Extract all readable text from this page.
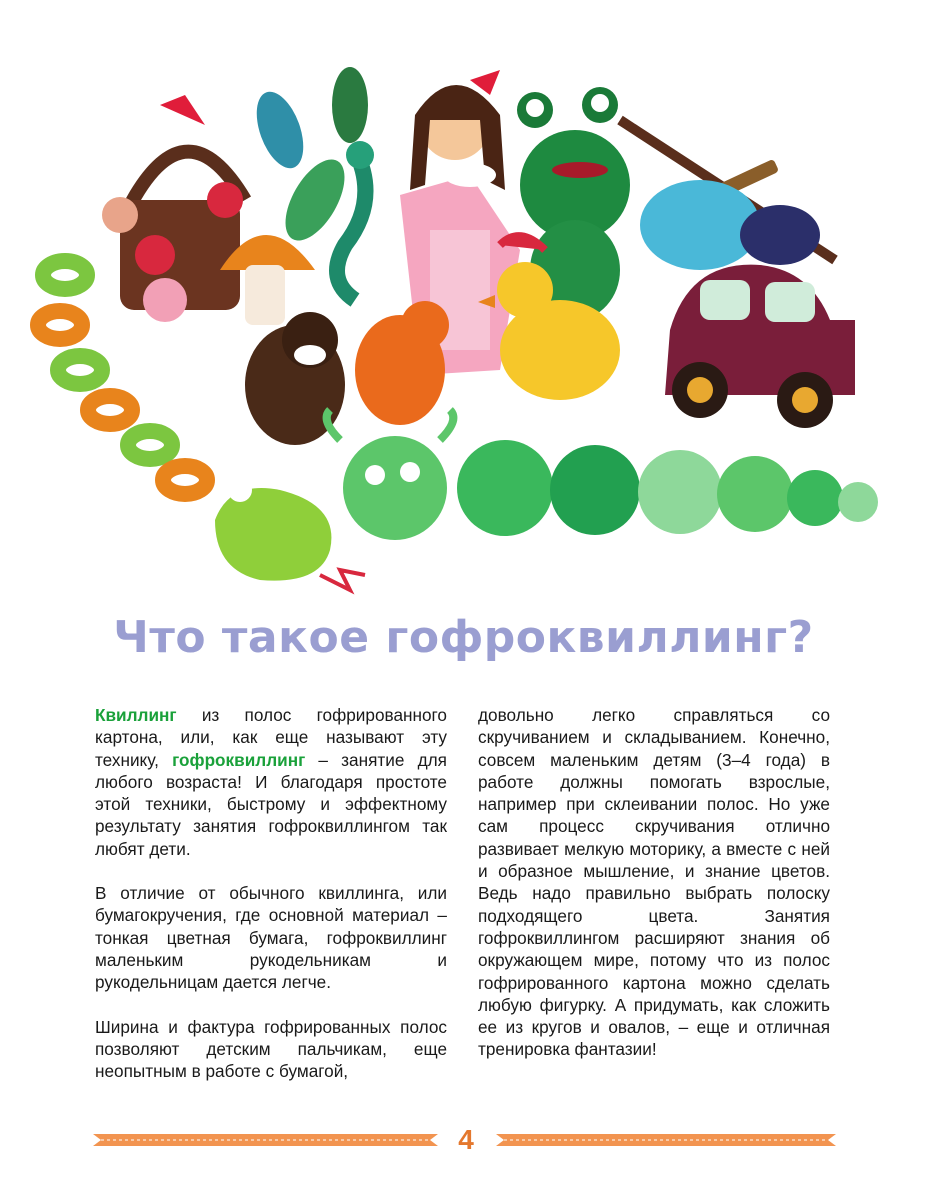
Что такое гофроквиллинг?

Квиллинг из полос гофрированного картона, или, как еще называют эту технику, гофроквиллинг – занятие для любого возраста! И благодаря простоте этой техники, быстрому и эффектному результату занятия гофроквиллингом так любят дети.

В отличие от обычного квиллинга, или бумагокручения, где основной материал – тонкая цветная бумага, гофроквиллинг маленьким рукодельникам и рукодельницам дается легче.

Ширина и фактура гофрированных полос позволяют детским пальчикам, еще неопытным в работе с бумагой,

довольно легко справляться со скручиванием и складыванием. Конечно, совсем маленьким детям (3–4 года) в работе должны помогать взрослые, например при склеивании полос. Но уже сам процесс скручивания отлично развивает мелкую моторику, а вместе с ней и образное мышление, и знание цветов. Ведь надо правильно выбрать полоску подходящего цвета. Занятия гофроквиллингом расширяют знания об окружающем мире, потому что из полос гофрированного картона можно сделать любую фигурку. А придумать, как сложить ее из кругов и овалов, – еще и отличная тренировка фантазии!

4
